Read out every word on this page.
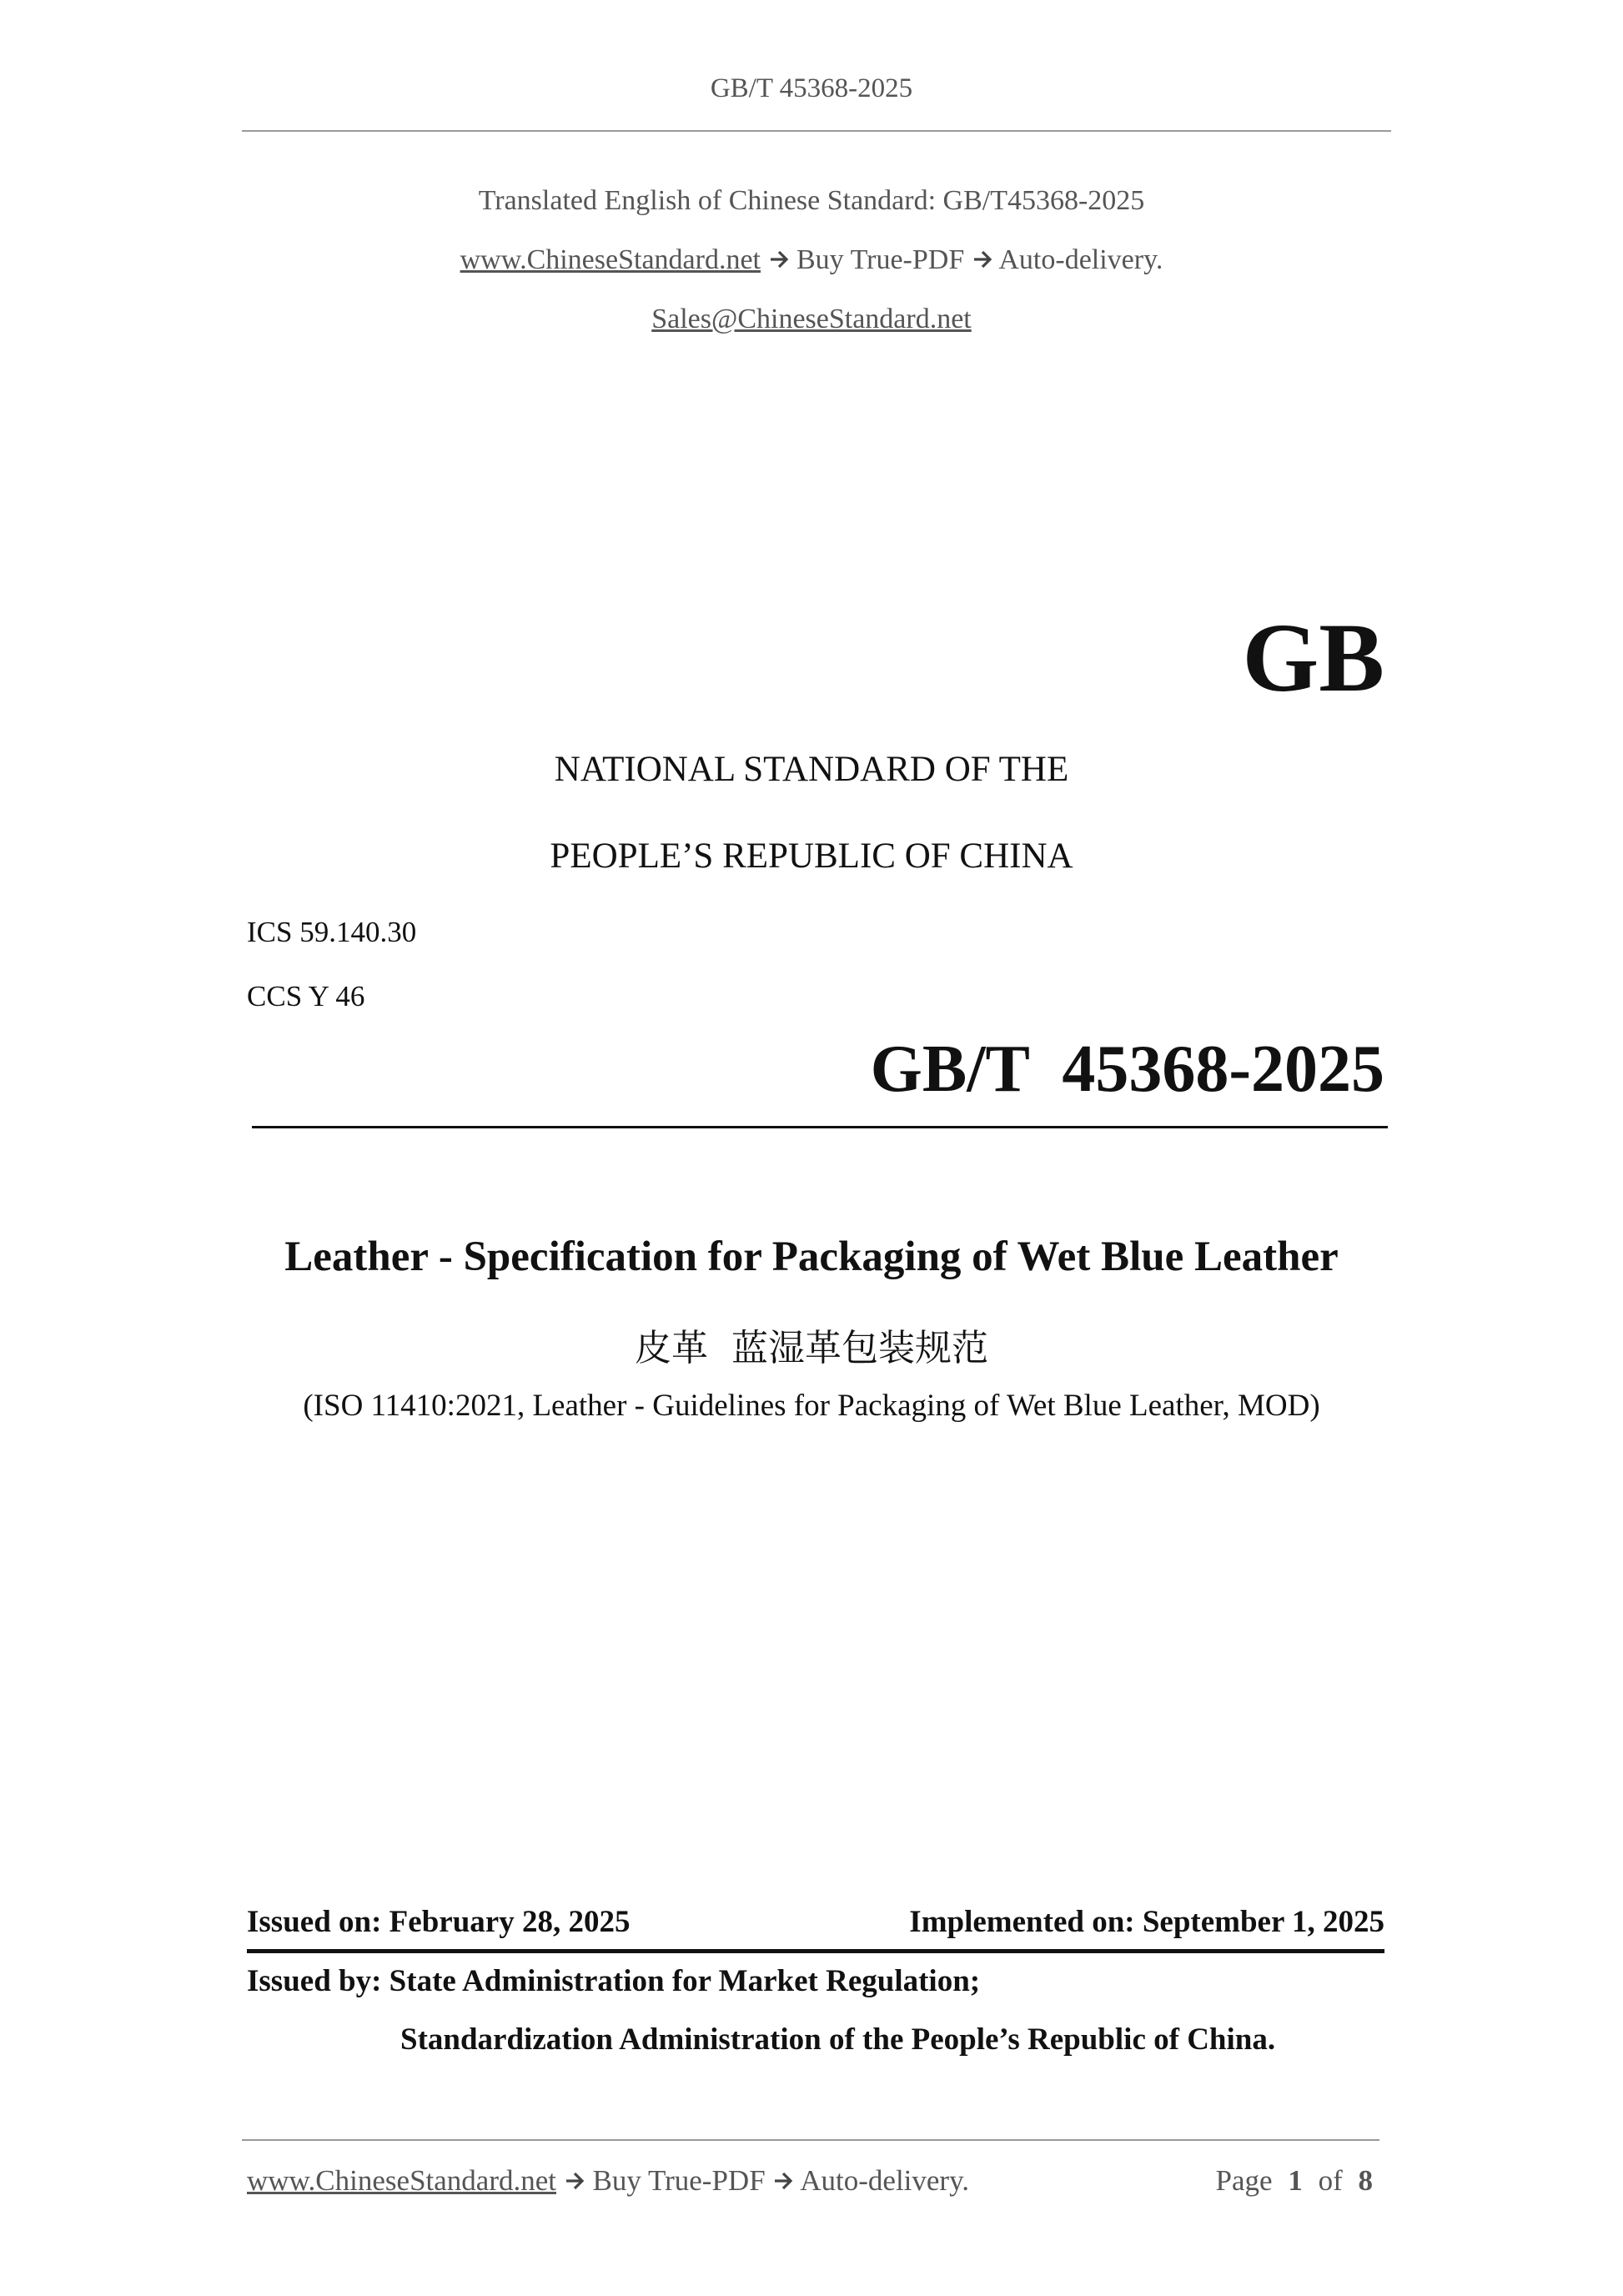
GB/T 45368-2025
Translated English of Chinese Standard: GB/T45368-2025
www.ChineseStandard.net Buy True-PDF Auto-delivery.
Sales@ChineseStandard.net
GB
NATIONAL STANDARD OF THE
PEOPLE’S REPUBLIC OF CHINA
ICS 59.140.30
CCS Y 46
GB/T  45368-2025
Leather - Specification for Packaging of Wet Blue Leather
皮革  蓝湿革包装规范
(ISO 11410:2021, Leather - Guidelines for Packaging of Wet Blue Leather, MOD)
Issued on: February 28, 2025	Implemented on: September 1, 2025
Issued by: State Administration for Market Regulation;
Standardization Administration of the People’s Republic of China.
www.ChineseStandard.net Buy True-PDF Auto-delivery.	Page 1 of 8
